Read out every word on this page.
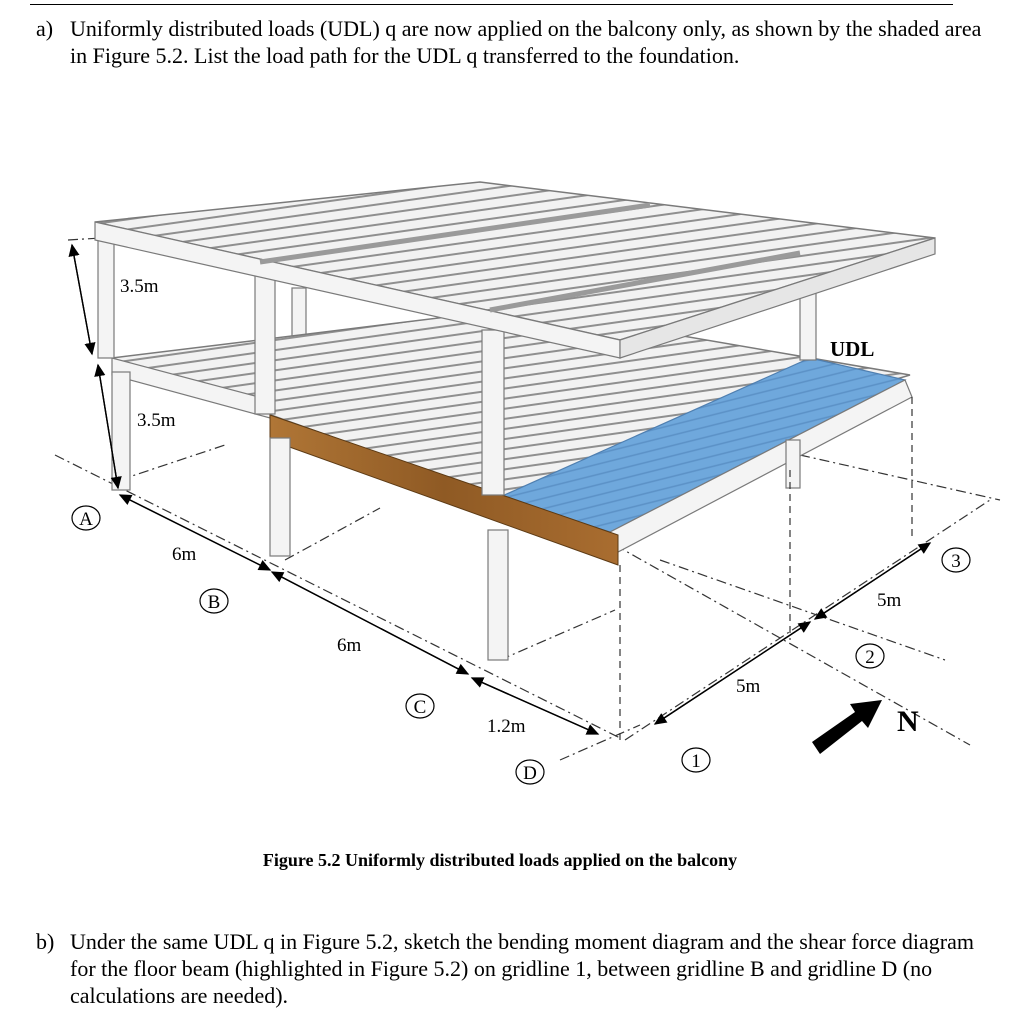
a) Uniformly distributed loads (UDL) q are now applied on the balcony only, as shown by the shaded area in Figure 5.2. List the load path for the UDL q transferred to the foundation.
3.5m
3.5m
6m
6m
1.2m
5m
5m
A
B
C
D
1
2
3
UDL
N
Figure 5.2 Uniformly distributed loads applied on the balcony
b) Under the same UDL q in Figure 5.2, sketch the bending moment diagram and the shear force diagram for the floor beam (highlighted in Figure 5.2) on gridline 1, between gridline B and gridline D (no calculations are needed).
